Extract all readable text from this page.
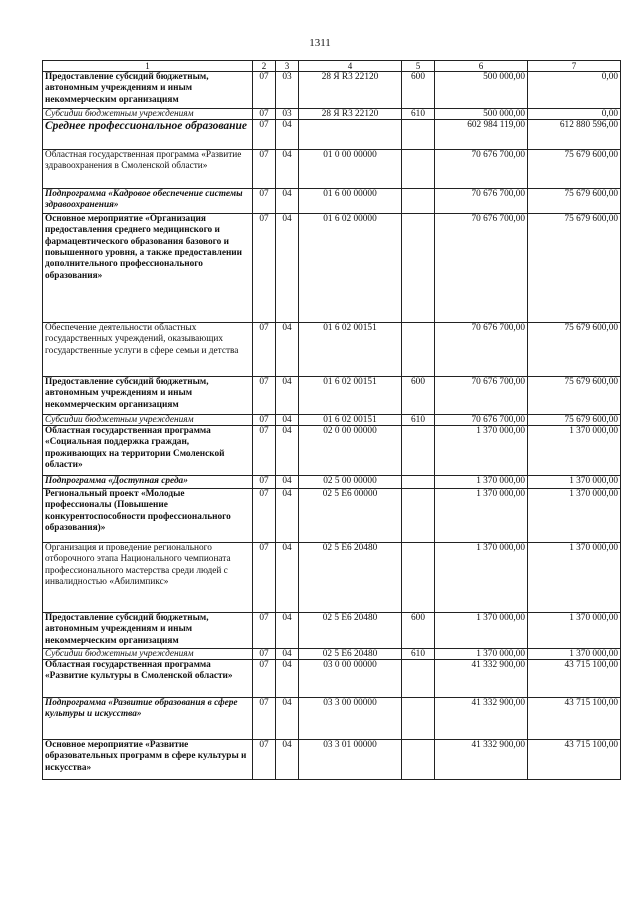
1311
1	2	3	4	5	6	7
Предоставление субсидий бюджетным, автономным учреждениям и иным некоммерческим организациям	07	03	28 Я R3 22120	600	500 000,00	0,00
Субсидии бюджетным учреждениям	07	03	28 Я R3 22120	610	500 000,00	0,00
Среднее профессиональное образование	07	04			602 984 119,00	612 880 596,00
Областная государственная программа «Развитие здравоохранения в Смоленской области»	07	04	01 0 00 00000		70 676 700,00	75 679 600,00
Подпрограмма «Кадровое обеспечение системы здравоохранения»	07	04	01 6 00 00000		70 676 700,00	75 679 600,00
Основное мероприятие «Организация предоставления среднего медицинского и фармацевтического образования базового и повышенного уровня, а также предоставлении дополнительного профессионального образования»	07	04	01 6 02 00000		70 676 700,00	75 679 600,00
Обеспечение деятельности областных государственных учреждений, оказывающих государственные услуги в сфере семьи и детства	07	04	01 6 02 00151		70 676 700,00	75 679 600,00
Предоставление субсидий бюджетным, автономным учреждениям и иным некоммерческим организациям	07	04	01 6 02 00151	600	70 676 700,00	75 679 600,00
Субсидии бюджетным учреждениям	07	04	01 6 02 00151	610	70 676 700,00	75 679 600,00
Областная государственная программа «Социальная поддержка граждан, проживающих на территории Смоленской области»	07	04	02 0 00 00000		1 370 000,00	1 370 000,00
Подпрограмма «Доступная среда»	07	04	02 5 00 00000		1 370 000,00	1 370 000,00
Региональный проект «Молодые профессионалы (Повышение конкурентоспособности профессионального образования)»	07	04	02 5 E6 00000		1 370 000,00	1 370 000,00
Организация и проведение регионального отборочного этапа Национального чемпионата профессионального мастерства среди людей с инвалидностью «Абилимпикс»	07	04	02 5 E6 20480		1 370 000,00	1 370 000,00
Предоставление субсидий бюджетным, автономным учреждениям и иным некоммерческим организациям	07	04	02 5 E6 20480	600	1 370 000,00	1 370 000,00
Субсидии бюджетным учреждениям	07	04	02 5 E6 20480	610	1 370 000,00	1 370 000,00
Областная государственная программа «Развитие культуры в Смоленской области»	07	04	03 0 00 00000		41 332 900,00	43 715 100,00
Подпрограмма «Развитие образования в сфере культуры и искусства»	07	04	03 3 00 00000		41 332 900,00	43 715 100,00
Основное мероприятие «Развитие образовательных программ в сфере культуры и искусства»	07	04	03 3 01 00000		41 332 900,00	43 715 100,00
